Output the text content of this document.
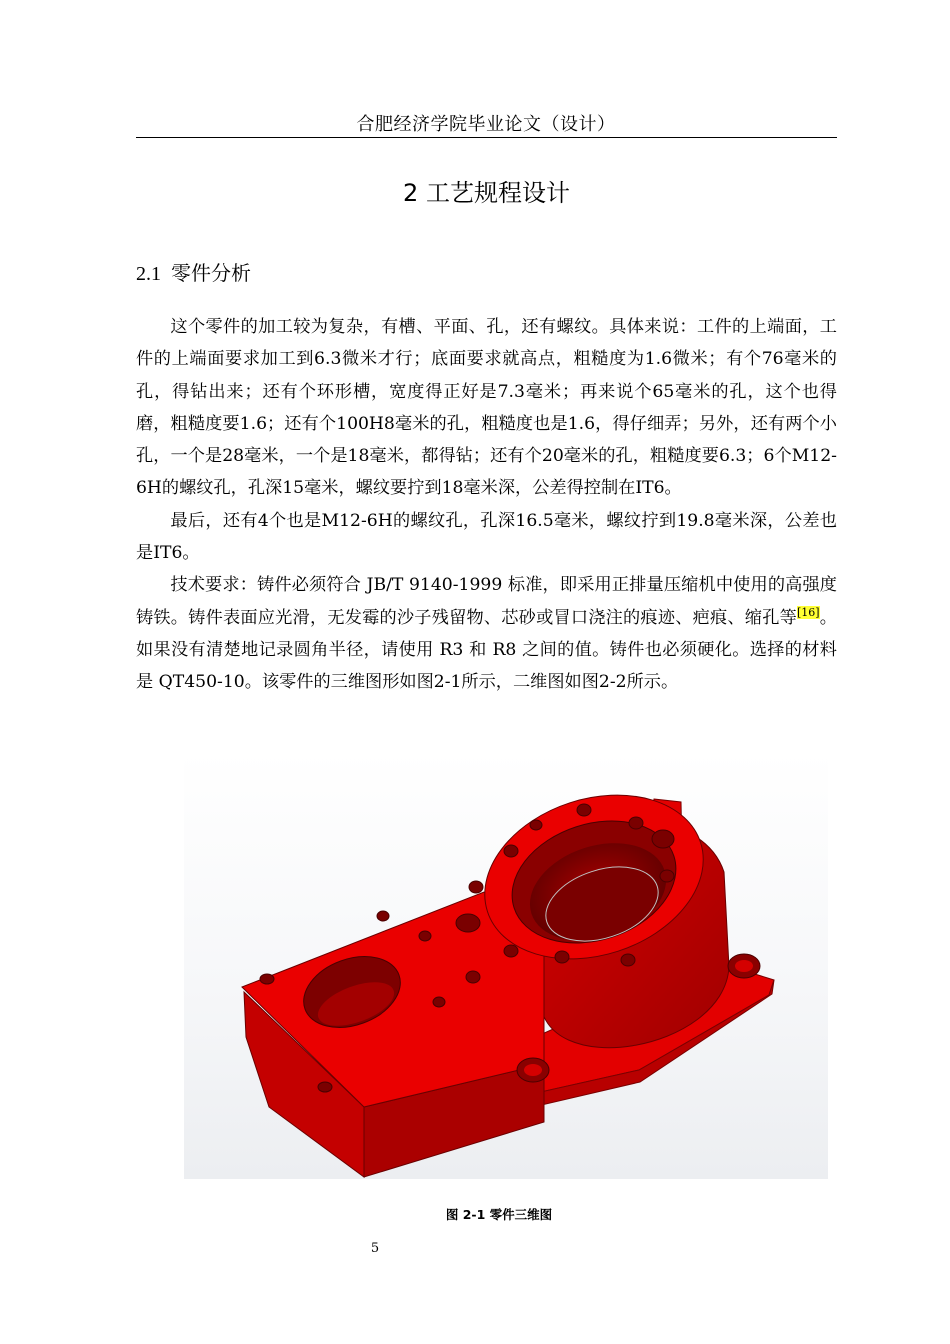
合肥经济学院毕业论文（设计）
2 工艺规程设计
2.1 零件分析

这个零件的加工较为复杂，有槽、平面、孔，还有螺纹。具体来说：工件的上端面，工件的上端面要求加工到6.3微米才行；底面要求就高点，粗糙度为1.6微米；有个76毫米的孔，得钻出来；还有个环形槽，宽度得正好是7.3毫米；再来说个65毫米的孔，这个也得磨，粗糙度要1.6；还有个100H8毫米的孔，粗糙度也是1.6，得仔细弄；另外，还有两个小孔，一个是28毫米，一个是18毫米，都得钻；还有个20毫米的孔，粗糙度要6.3；6个M12-6H的螺纹孔，孔深15毫米，螺纹要拧到18毫米深，公差得控制在IT6。

最后，还有4个也是M12-6H的螺纹孔，孔深16.5毫米，螺纹拧到19.8毫米深，公差也是IT6。

技术要求：铸件必须符合 JB/T 9140-1999 标准，即采用正排量压缩机中使用的高强度铸铁。铸件表面应光滑，无发霉的沙子残留物、芯砂或冒口浇注的痕迹、疤痕、缩孔等[16]。如果没有清楚地记录圆角半径，请使用 R3 和 R8 之间的值。铸件也必须硬化。选择的材料是 QT450-10。该零件的三维图形如图2-1所示，二维图如图2-2所示。

图 2-1 零件三维图
5
